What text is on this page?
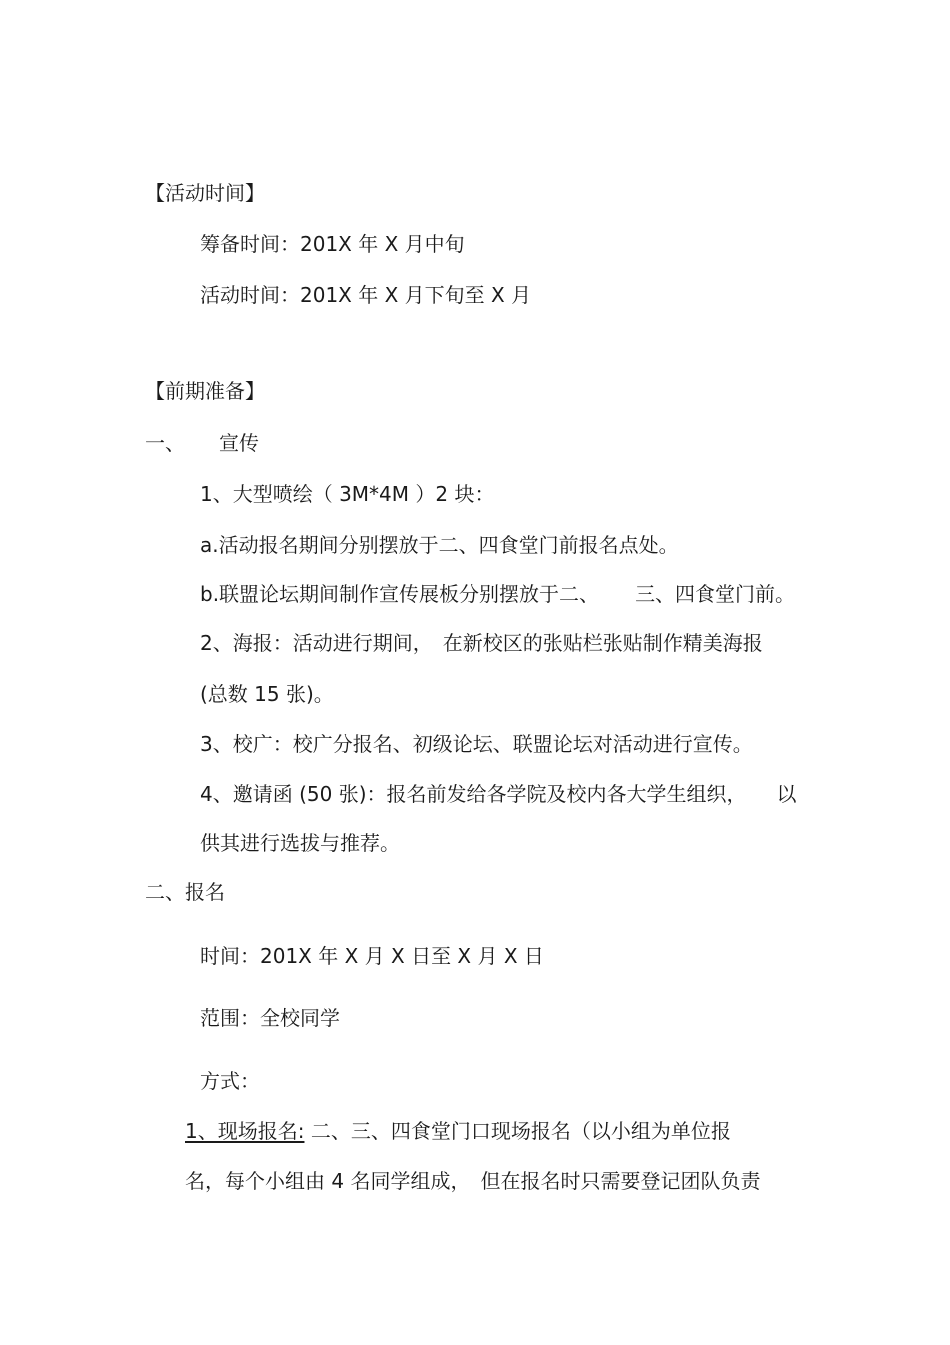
【活动时间】
筹备时间：201X 年 X 月中旬
活动时间：201X 年 X 月下旬至 X 月
【前期准备】
一、 宣传
1、大型喷绘（ 3M*4M ）2 块：
a.活动报名期间分别摆放于二、四食堂门前报名点处。
b.联盟论坛期间制作宣传展板分别摆放于二、 三、四食堂门前。
2、海报：活动进行期间， 在新校区的张贴栏张贴制作精美海报
(总数 15 张)。
3、校广：校广分报名、初级论坛、联盟论坛对活动进行宣传。
4、邀请函 (50 张)：报名前发给各学院及校内各大学生组织， 以
供其进行选拔与推荐。
二、报名
时间：201X 年 X 月 X 日至 X 月 X 日
范围：全校同学
方式：
1、现场报名: 二、三、四食堂门口现场报名（以小组为单位报
名，每个小组由 4 名同学组成， 但在报名时只需要登记团队负责
